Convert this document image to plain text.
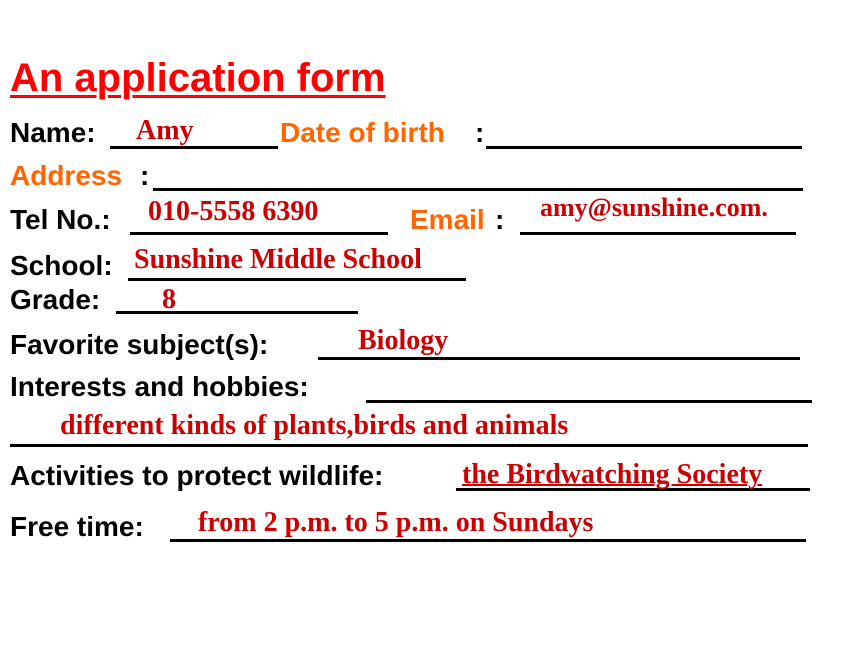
An application form
Name: Amy	Date of birth :
Address :
Tel No.: 010-5558 6390	Email : amy@sunshine.com.
School: Sunshine Middle School
Grade: 8
Favorite subject(s):	Biology
Interests and hobbies:
different kinds of plants,birds and animals
Activities to protect wildlife:	the Birdwatching Society
Free time: from 2 p.m. to 5 p.m. on Sundays
